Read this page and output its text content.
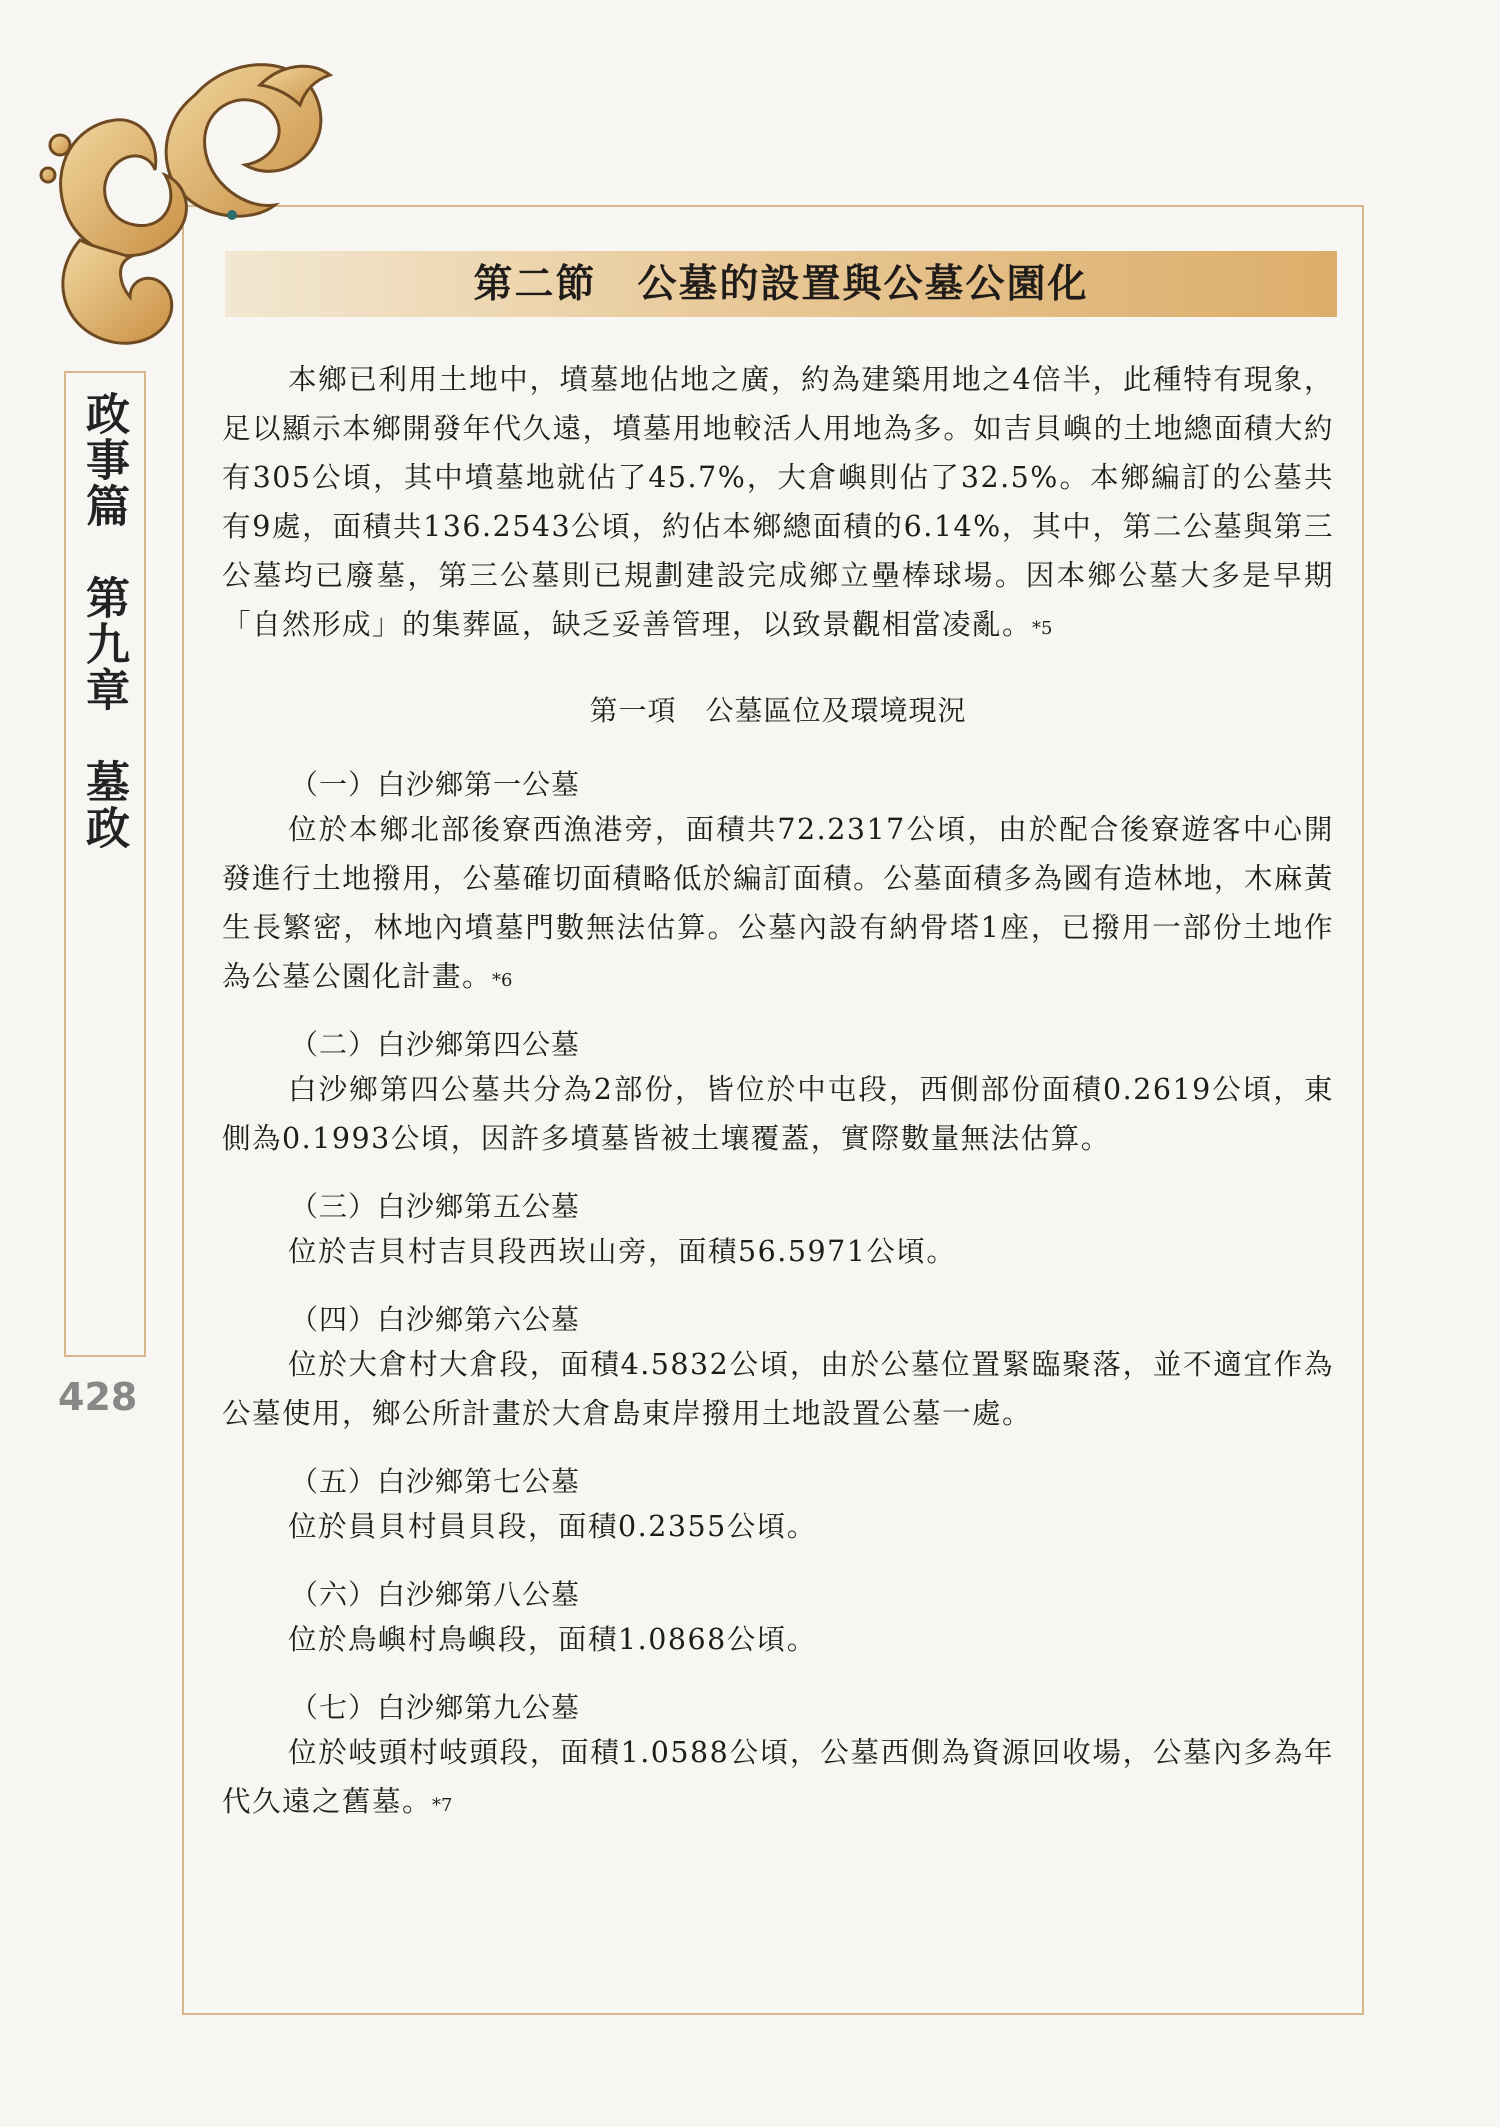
第二節　公墓的設置與公墓公園化
政事篇　第九章　墓政
428

本鄉已利用土地中，墳墓地佔地之廣，約為建築用地之4倍半，此種特有現象，足以顯示本鄉開發年代久遠，墳墓用地較活人用地為多。如吉貝嶼的土地總面積大約有305公頃，其中墳墓地就佔了45.7%，大倉嶼則佔了32.5%。本鄉編訂的公墓共有9處，面積共136.2543公頃，約佔本鄉總面積的6.14%，其中，第二公墓與第三公墓均已廢墓，第三公墓則已規劃建設完成鄉立壘棒球場。因本鄉公墓大多是早期「自然形成」的集葬區，缺乏妥善管理，以致景觀相當凌亂。*5

第一項　公墓區位及環境現況
（一）白沙鄉第一公墓

位於本鄉北部後寮西漁港旁，面積共72.2317公頃，由於配合後寮遊客中心開發進行土地撥用，公墓確切面積略低於編訂面積。公墓面積多為國有造林地，木麻黃生長繁密，林地內墳墓門數無法估算。公墓內設有納骨塔1座，已撥用一部份土地作為公墓公園化計畫。*6

（二）白沙鄉第四公墓

白沙鄉第四公墓共分為2部份，皆位於中屯段，西側部份面積0.2619公頃，東側為0.1993公頃，因許多墳墓皆被土壤覆蓋，實際數量無法估算。

（三）白沙鄉第五公墓

位於吉貝村吉貝段西崁山旁，面積56.5971公頃。

（四）白沙鄉第六公墓

位於大倉村大倉段，面積4.5832公頃，由於公墓位置緊臨聚落，並不適宜作為公墓使用，鄉公所計畫於大倉島東岸撥用土地設置公墓一處。

（五）白沙鄉第七公墓

位於員貝村員貝段，面積0.2355公頃。

（六）白沙鄉第八公墓

位於鳥嶼村鳥嶼段，面積1.0868公頃。

（七）白沙鄉第九公墓

位於岐頭村岐頭段，面積1.0588公頃，公墓西側為資源回收場，公墓內多為年代久遠之舊墓。*7
